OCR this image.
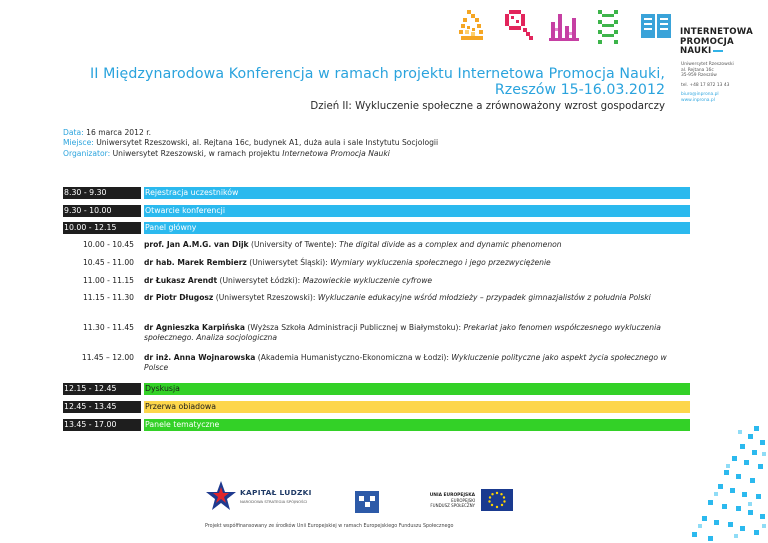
INTERNETOWA
PROMOCJA
NAUKI
Uniwersytet Rzeszowski
al. Rejtana 16c
35-959 Rzeszów
tel. +48 17 872 13 43
biuro@inprona.pl
www.inprona.pl
II Międzynarodowa Konferencja w ramach projektu Internetowa Promocja Nauki,
Rzeszów 15-16.03.2012
Dzień II: Wykluczenie społeczne a zrównoważony wzrost gospodarczy
Data: 16 marca 2012 r.
Miejsce: Uniwersytet Rzeszowski, al. Rejtana 16c, budynek A1, duża aula i sale Instytutu Socjologii
Organizator: Uniwersytet Rzeszowski, w ramach projektu Internetowa Promocja Nauki
8.30 - 9.30	Rejestracja uczestników
9.30 - 10.00	Otwarcie konferencji
10.00 - 12.15	Panel główny
10.00 - 10.45 prof. Jan A.M.G. van Dijk (University of Twente): The digital divide as a complex and dynamic phenomenon
10.45 - 11.00 dr hab. Marek Rembierz (Uniwersytet Śląski): Wymiary wykluczenia społecznego i jego przezwyciężenie
11.00 - 11.15 dr Łukasz Arendt (Uniwersytet Łódzki): Mazowieckie wykluczenie cyfrowe
11.15 - 11.30 dr Piotr Długosz (Uniwersytet Rzeszowski): Wykluczanie edukacyjne wśród młodzieży – przypadek gimnazjalistów z południa Polski
11.30 - 11.45 dr Agnieszka Karpińska (Wyższa Szkoła Administracji Publicznej w Białymstoku): Prekariat jako fenomen współczesnego wykluczenia społecznego. Analiza socjologiczna
11.45 – 12.00 dr inż. Anna Wojnarowska (Akademia Humanistyczno-Ekonomiczna w Łodzi): Wykluczenie polityczne jako aspekt życia społecznego w Polsce
12.15 - 12.45	Dyskusja
12.45 - 13.45	Przerwa obiadowa
13.45 - 17.00	Panele tematyczne
KAPITAŁ LUDZKI
NARODOWA STRATEGIA SPÓJNOŚCI
UNIA EUROPEJSKA
EUROPEJSKI
FUNDUSZ SPOŁECZNY
Projekt współfinansowany ze środków Unii Europejskiej w ramach Europejskiego Funduszu Społecznego
